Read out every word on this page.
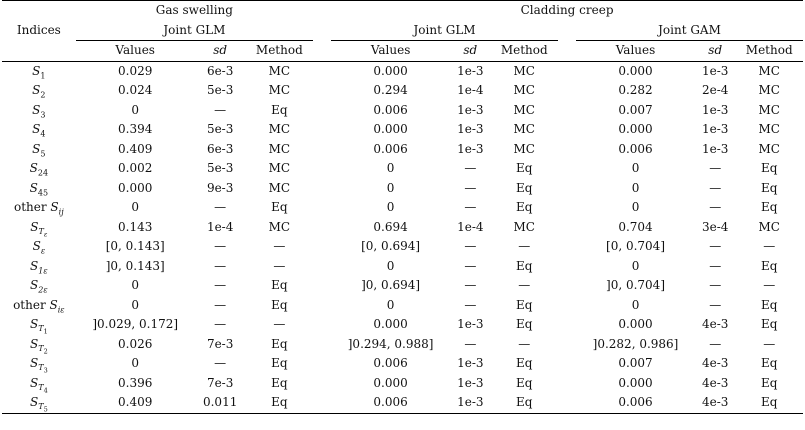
Indices	Gas swelling				Cladding creep						
	Joint GLM				Joint GLM				Joint GAM		
	Values	sd	Method		Values	sd	Method		Values	sd	Method
$S_1$	0.029	6e-3	MC		0.000	1e-3	MC		0.000	1e-3	MC
$S_2$	0.024	5e-3	MC		0.294	1e-4	MC		0.282	2e-4	MC
$S_3$	0	—	Eq		0.006	1e-3	MC		0.007	1e-3	MC
$S_4$	0.394	5e-3	MC		0.000	1e-3	MC		0.000	1e-3	MC
$S_5$	0.409	6e-3	MC		0.006	1e-3	MC		0.006	1e-3	MC
$S_{24}$	0.002	5e-3	MC		0	—	Eq		0	—	Eq
$S_{45}$	0.000	9e-3	MC		0	—	Eq		0	—	Eq
other $S_{ij}$	0	—	Eq		0	—	Eq		0	—	Eq
$S_{T_\varepsilon}$	0.143	1e-4	MC		0.694	1e-4	MC		0.704	3e-4	MC
$S_\varepsilon$	[0, 0.143]	—	—		[0, 0.694]	—	—		[0, 0.704]	—	—
$S_{1\varepsilon}$	]0, 0.143]	—	—		0	—	Eq		0	—	Eq
$S_{2\varepsilon}$	0	—	Eq		]0, 0.694]	—	—		]0, 0.704]	—	—
other $S_{i\varepsilon}$	0	—	Eq		0	—	Eq		0	—	Eq
$S_{T_1}$	]0.029, 0.172]	—	—		0.000	1e-3	Eq		0.000	4e-3	Eq
$S_{T_2}$	0.026	7e-3	Eq		]0.294, 0.988]	—	—		]0.282, 0.986]	—	—
$S_{T_3}$	0	—	Eq		0.006	1e-3	Eq		0.007	4e-3	Eq
$S_{T_4}$	0.396	7e-3	Eq		0.000	1e-3	Eq		0.000	4e-3	Eq
$S_{T_5}$	0.409	0.011	Eq		0.006	1e-3	Eq		0.006	4e-3	Eq
